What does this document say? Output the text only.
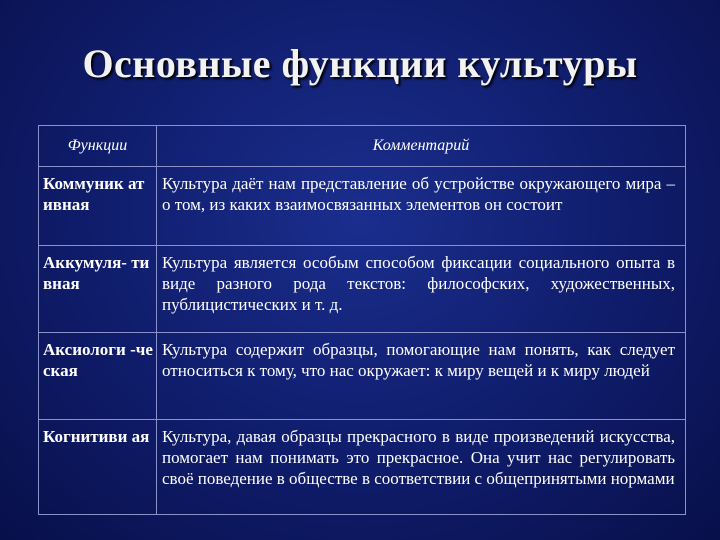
Основные функции культуры
Функции	Комментарий
Коммуник ативная	Культура даёт нам представление об устройстве окружающего мира – о том, из каких взаимосвязанных элементов он состоит
Аккумуля- тивная	Культура является особым способом фиксации социального опыта в виде разного рода текстов: философских, художественных, публицистических и т. д.
Аксиологи -ческая	Культура содержит образцы, помогающие нам понять, как следует относиться к тому, что нас окружает: к миру вещей и к миру людей
Когнитиви ая	Культура, давая образцы прекрасного в виде произведений искусства, помогает нам понимать это прекрасное. Она учит нас регулировать своё поведение в обществе в соответствии с общепринятыми нормами
